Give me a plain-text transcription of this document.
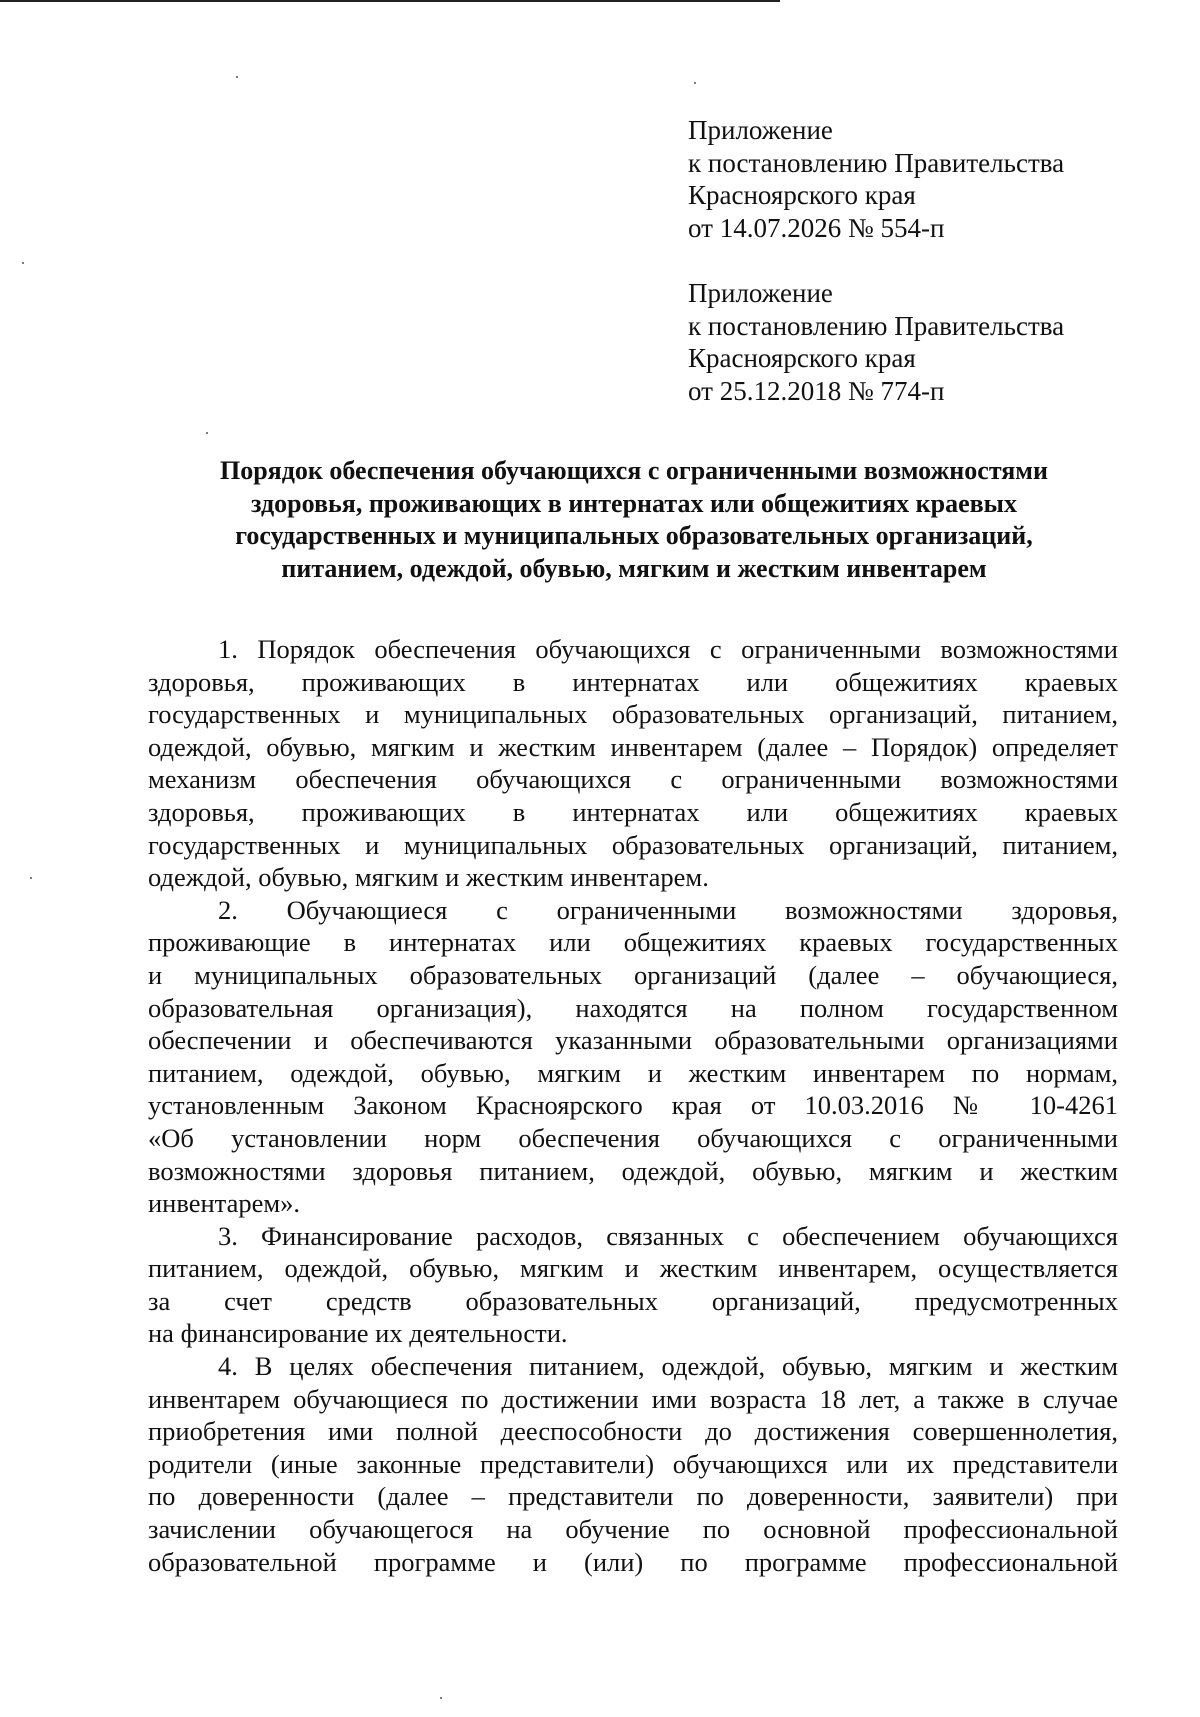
Приложение
к постановлению Правительства
Красноярского края
от 14.07.2026 № 554-п
Приложение
к постановлению Правительства
Красноярского края
от 25.12.2018 № 774-п
Порядок обеспечения обучающихся с ограниченными возможностями
здоровья, проживающих в интернатах или общежитиях краевых
государственных и муниципальных образовательных организаций,
питанием, одеждой, обувью, мягким и жестким инвентарем
1. Порядок обеспечения обучающихся с ограниченными возможностями
здоровья, проживающих в интернатах или общежитиях краевых
государственных и муниципальных образовательных организаций, питанием,
одеждой, обувью, мягким и жестким инвентарем (далее – Порядок) определяет
механизм обеспечения обучающихся с ограниченными возможностями
здоровья, проживающих в интернатах или общежитиях краевых
государственных и муниципальных образовательных организаций, питанием,
одеждой, обувью, мягким и жестким инвентарем.
2. Обучающиеся с ограниченными возможностями здоровья,
проживающие в интернатах или общежитиях краевых государственных
и муниципальных образовательных организаций (далее – обучающиеся,
образовательная организация), находятся на полном государственном
обеспечении и обеспечиваются указанными образовательными организациями
питанием, одеждой, обувью, мягким и жестким инвентарем по нормам,
установленным Законом Красноярского края от 10.03.2016 № 10-4261
«Об установлении норм обеспечения обучающихся с ограниченными
возможностями здоровья питанием, одеждой, обувью, мягким и жестким
инвентарем».
3. Финансирование расходов, связанных с обеспечением обучающихся
питанием, одеждой, обувью, мягким и жестким инвентарем, осуществляется
за счет средств образовательных организаций, предусмотренных
на финансирование их деятельности.
4. В целях обеспечения питанием, одеждой, обувью, мягким и жестким
инвентарем обучающиеся по достижении ими возраста 18 лет, а также в случае
приобретения ими полной дееспособности до достижения совершеннолетия,
родители (иные законные представители) обучающихся или их представители
по доверенности (далее – представители по доверенности, заявители) при
зачислении обучающегося на обучение по основной профессиональной
образовательной программе и (или) по программе профессиональной
